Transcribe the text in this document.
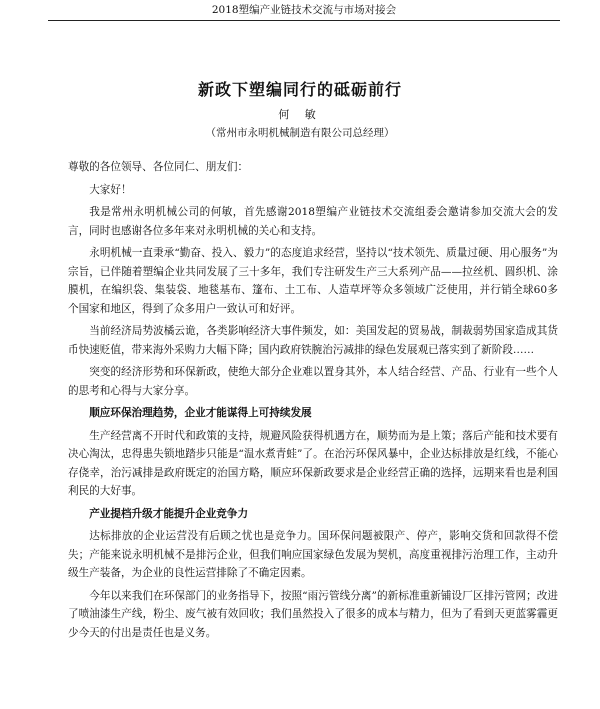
2018塑编产业链技术交流与市场对接会
新政下塑编同行的砥砺前行
何 敏
（常州市永明机械制造有限公司总经理）

尊敬的各位领导、各位同仁、朋友们：

大家好！

我是常州永明机械公司的何敏，首先感谢2018塑编产业链技术交流组委会邀请参加交流大会的发言，同时也感谢各位多年来对永明机械的关心和支持。

永明机械一直秉承“勤奋、投入、毅力”的态度追求经营，坚持以“技术领先、质量过硬、用心服务”为宗旨，已伴随着塑编企业共同发展了三十多年，我们专注研发生产三大系列产品——拉丝机、圆织机、涂膜机，在编织袋、集装袋、地毯基布、篷布、土工布、人造草坪等众多领域广泛使用，并行销全球60多个国家和地区，得到了众多用户一致认可和好评。

当前经济局势波橘云诡，各类影响经济大事件频发，如：美国发起的贸易战，制裁弱势国家造成其货币快速贬值，带来海外采购力大幅下降；国内政府铁腕治污减排的绿色发展观已落实到了新阶段……

突变的经济形势和环保新政，使绝大部分企业难以置身其外，本人结合经营、产品、行业有一些个人的思考和心得与大家分享。

顺应环保治理趋势，企业才能谋得上可持续发展

生产经营离不开时代和政策的支持，规避风险获得机遇方在，顺势而为是上策；落后产能和技术要有决心淘汰，忠得患失锁地踏步只能是“温水煮青蛙”了。在治污环保风暴中，企业达标排放是红线，不能心存侥幸，治污减排是政府既定的治国方略，顺应环保新政要求是企业经营正确的选择，远期来看也是利国利民的大好事。

产业提档升级才能提升企业竞争力

达标排放的企业运营没有后顾之忧也是竞争力。国环保问题被限产、停产，影响交货和回款得不偿失；产能来说永明机械不是排污企业，但我们响应国家绿色发展为契机，高度重视排污治理工作，主动升级生产装备，为企业的良性运营排除了不确定因素。

今年以来我们在环保部门的业务指导下，按照“雨污管线分离”的新标准重新铺设厂区排污管网；改进了喷油漆生产线，粉尘、废气被有效回收；我们虽然投入了很多的成本与精力，但为了看到天更蓝雾霾更少今天的付出是责任也是义务。
